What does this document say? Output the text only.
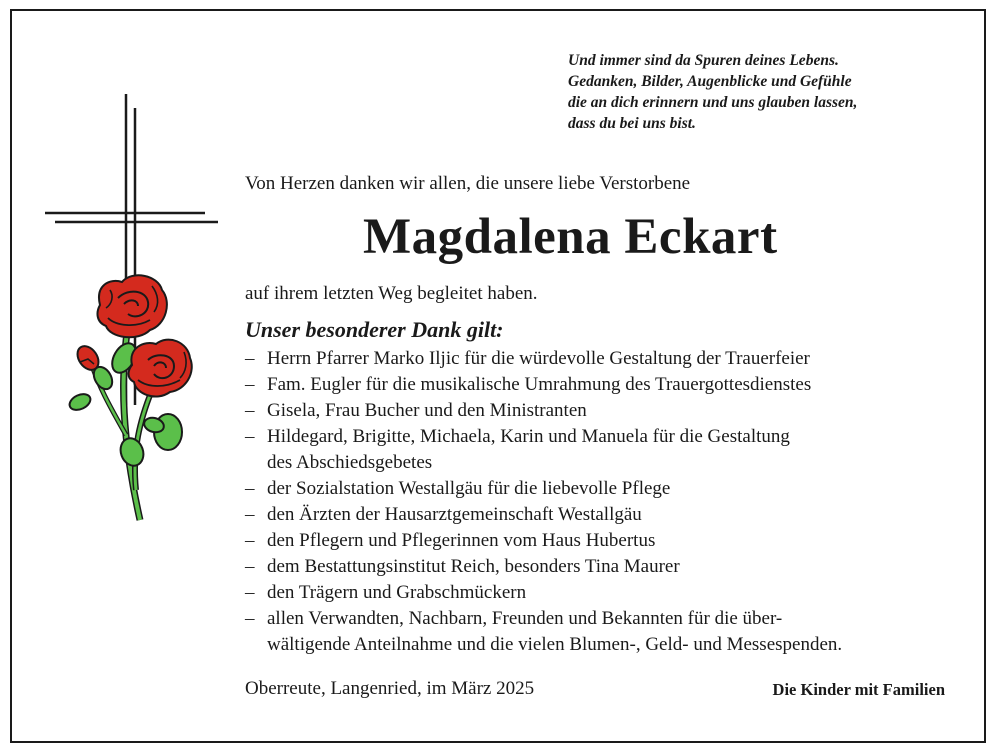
Und immer sind da Spuren deines Lebens.
Gedanken, Bilder, Augenblicke und Gefühle
die an dich erinnern und uns glauben lassen,
dass du bei uns bist.
Von Herzen danken wir allen, die unsere liebe Verstorbene
Magdalena Eckart
auf ihrem letzten Weg begleitet haben.
Unser besonderer Dank gilt:
– Herrn Pfarrer Marko Iljic für die würdevolle Gestaltung der Trauerfeier
– Fam. Eugler für die musikalische Umrahmung des Trauergottesdienstes
– Gisela, Frau Bucher und den Ministranten
– Hildegard, Brigitte, Michaela, Karin und Manuela für die Gestaltung
des Abschiedsgebetes
– der Sozialstation Westallgäu für die liebevolle Pflege
– den Ärzten der Hausarztgemeinschaft Westallgäu
– den Pflegern und Pflegerinnen vom Haus Hubertus
– dem Bestattungsinstitut Reich, besonders Tina Maurer
– den Trägern und Grabschmückern
– allen Verwandten, Nachbarn, Freunden und Bekannten für die über-
wältigende Anteilnahme und die vielen Blumen-, Geld- und Messespenden.
Oberreute, Langenried, im März 2025	Die Kinder mit Familien
